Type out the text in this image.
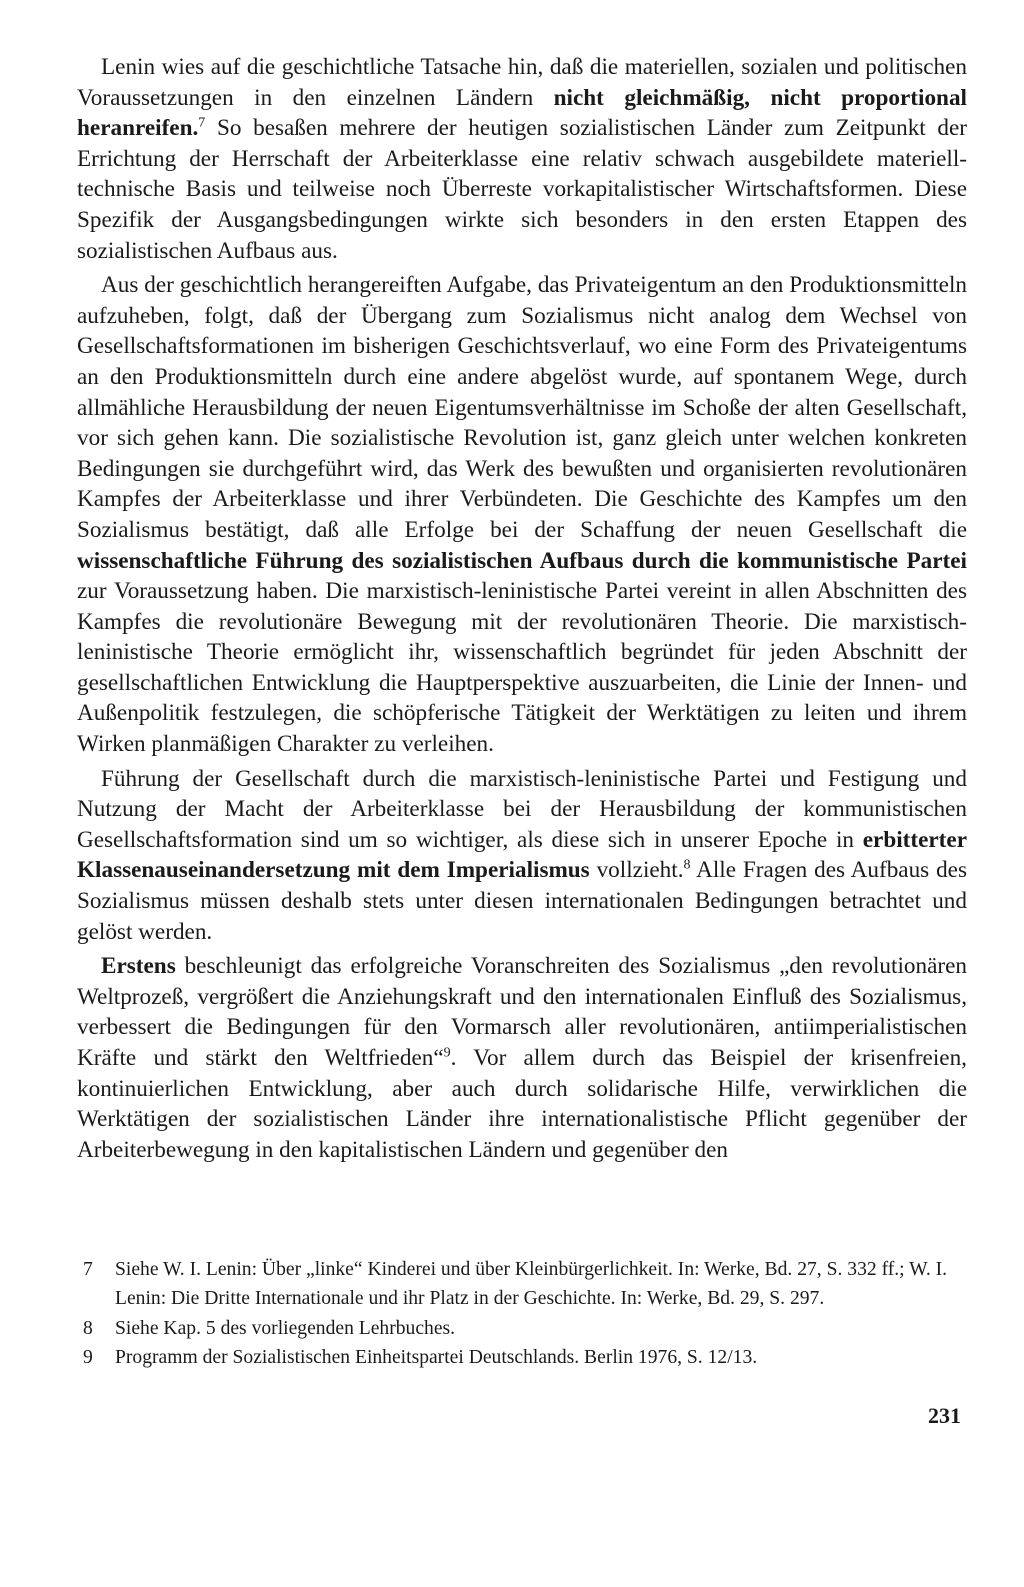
Lenin wies auf die geschichtliche Tatsache hin, daß die materiellen, sozialen und politischen Voraussetzungen in den einzelnen Ländern nicht gleichmäßig, nicht proportional heranreifen.$^7$ So besaßen mehrere der heutigen sozialistischen Länder zum Zeitpunkt der Errichtung der Herrschaft der Arbeiterklasse eine relativ schwach ausgebildete materiell-technische Basis und teilweise noch Überreste vorkapitalistischer Wirtschaftsformen. Diese Spezifik der Ausgangsbedingungen wirkte sich besonders in den ersten Etappen des sozialistischen Aufbaus aus.

Aus der geschichtlich herangereiften Aufgabe, das Privateigentum an den Produktionsmitteln aufzuheben, folgt, daß der Übergang zum Sozialismus nicht analog dem Wechsel von Gesellschaftsformationen im bisherigen Geschichtsverlauf, wo eine Form des Privateigentums an den Produktionsmitteln durch eine andere abgelöst wurde, auf spontanem Wege, durch allmähliche Herausbildung der neuen Eigentumsverhältnisse im Schoße der alten Gesellschaft, vor sich gehen kann. Die sozialistische Revolution ist, ganz gleich unter welchen konkreten Bedingungen sie durchgeführt wird, das Werk des bewußten und organisierten revolutionären Kampfes der Arbeiterklasse und ihrer Verbündeten. Die Geschichte des Kampfes um den Sozialismus bestätigt, daß alle Erfolge bei der Schaffung der neuen Gesellschaft die wissenschaftliche Führung des sozialistischen Aufbaus durch die kommunistische Partei zur Voraussetzung haben. Die marxistisch-leninistische Partei vereint in allen Abschnitten des Kampfes die revolutionäre Bewegung mit der revolutionären Theorie. Die marxistisch-leninistische Theorie ermöglicht ihr, wissenschaftlich begründet für jeden Abschnitt der gesellschaftlichen Entwicklung die Hauptperspektive auszuarbeiten, die Linie der Innen- und Außenpolitik festzulegen, die schöpferische Tätigkeit der Werktätigen zu leiten und ihrem Wirken planmäßigen Charakter zu verleihen.

Führung der Gesellschaft durch die marxistisch-leninistische Partei und Festigung und Nutzung der Macht der Arbeiterklasse bei der Herausbildung der kommunistischen Gesellschaftsformation sind um so wichtiger, als diese sich in unserer Epoche in erbitterter Klassenauseinandersetzung mit dem Imperialismus vollzieht.$^8$ Alle Fragen des Aufbaus des Sozialismus müssen deshalb stets unter diesen internationalen Bedingungen betrachtet und gelöst werden.

Erstens beschleunigt das erfolgreiche Voranschreiten des Sozialismus „den revolutionären Weltprozeß, vergrößert die Anziehungskraft und den internationalen Einfluß des Sozialismus, verbessert die Bedingungen für den Vormarsch aller revolutionären, antiimperialistischen Kräfte und stärkt den Weltfrieden“$^9$. Vor allem durch das Beispiel der krisenfreien, kontinuierlichen Entwicklung, aber auch durch solidarische Hilfe, verwirklichen die Werktätigen der sozialistischen Länder ihre internationalistische Pflicht gegenüber der Arbeiterbewegung in den kapitalistischen Ländern und gegenüber den

7 Siehe W. I. Lenin: Über „linke“ Kinderei und über Kleinbürgerlichkeit. In: Werke, Bd. 27, S. 332 ff.; W. I. Lenin: Die Dritte Internationale und ihr Platz in der Geschichte. In: Werke, Bd. 29, S. 297.

8 Siehe Kap. 5 des vorliegenden Lehrbuches.

9 Programm der Sozialistischen Einheitspartei Deutschlands. Berlin 1976, S. 12/13.

231
